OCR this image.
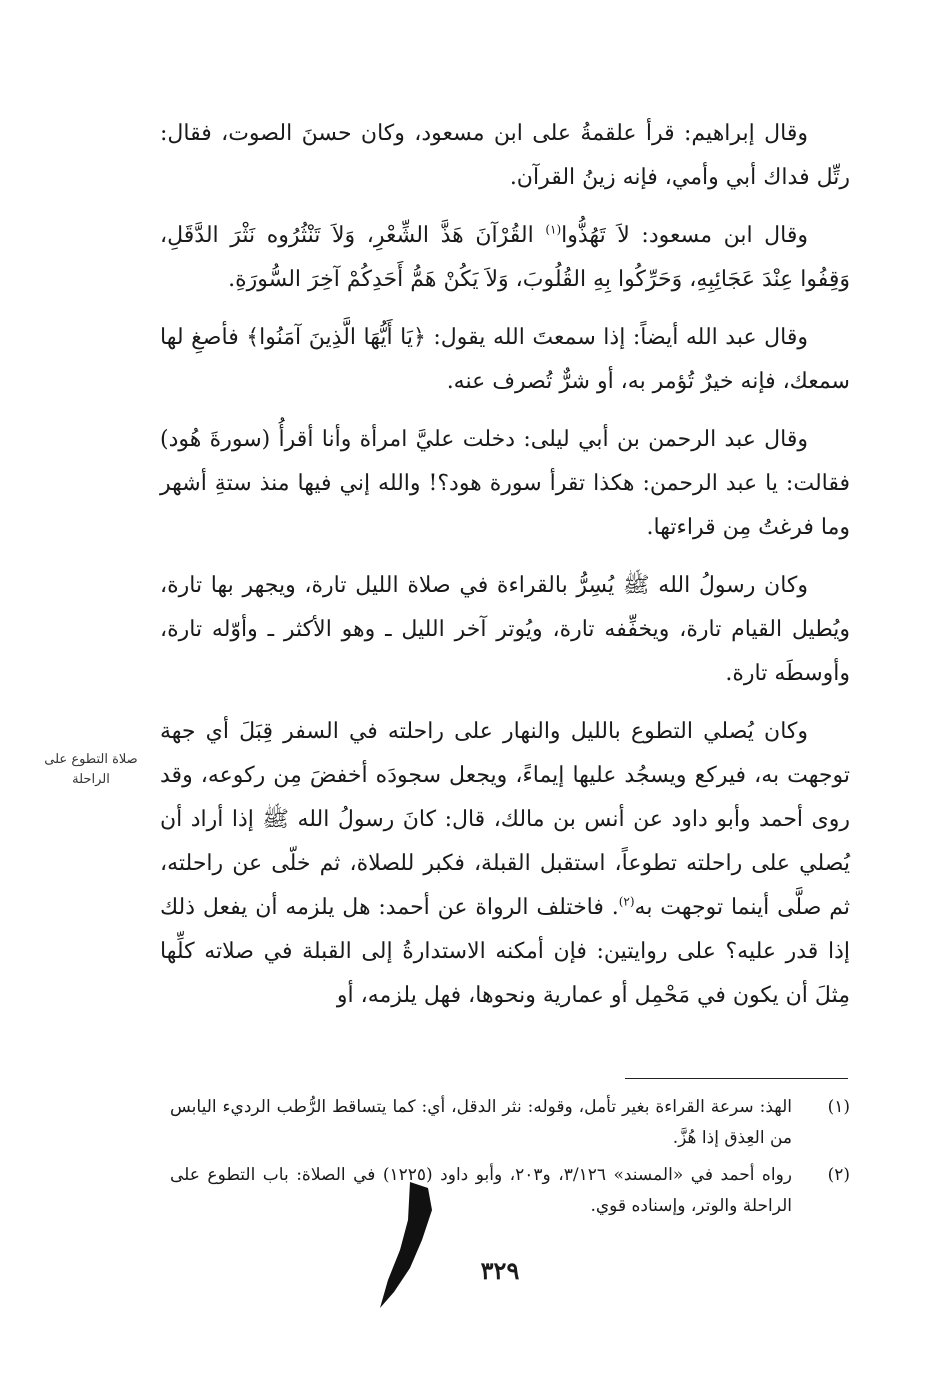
وقال إبراهيم: قرأ علقمةُ على ابن مسعود، وكان حسنَ الصوت، فقال: رتِّل فداك أبي وأمي، فإنه زينُ القرآن.

وقال ابن مسعود: لاَ تَهُذُّوا$^{(١)}$ القُرْآنَ هَذَّ الشِّعْرِ، وَلاَ تَنْثُرُوه نَثْرَ الدَّقَلِ، وَقِفُوا عِنْدَ عَجَائِبِهِ، وَحَرِّكُوا بِهِ القُلُوبَ، وَلاَ يَكُنْ هَمُّ أَحَدِكُمْ آخِرَ السُّورَةِ.

وقال عبد الله أيضاً: إذا سمعتَ الله يقول: ﴿يَا أَيُّهَا الَّذِينَ آمَنُوا﴾ فأصغِ لها سمعك، فإنه خيرٌ تُؤمر به، أو شرٌّ تُصرف عنه.

وقال عبد الرحمن بن أبي ليلى: دخلت عليَّ امرأة وأنا أقرأُ (سورةَ هُود) فقالت: يا عبد الرحمن: هكذا تقرأ سورة هود؟! والله إني فيها منذ ستةِ أشهر وما فرغتُ مِن قراءتها.

وكان رسولُ الله ﷺ يُسِرُّ بالقراءة في صلاة الليل تارة، ويجهر بها تارة، ويُطيل القيام تارة، ويخفِّفه تارة، ويُوتر آخر الليل ـ وهو الأكثر ـ وأوّله تارة، وأوسطَه تارة.

وكان يُصلي التطوع بالليل والنهار على راحلته في السفر قِبَلَ أي جهة توجهت به، فيركع ويسجُد عليها إيماءً، ويجعل سجودَه أخفضَ مِن ركوعه، وقد روى أحمد وأبو داود عن أنس بن مالك، قال: كانَ رسولُ الله ﷺ إذا أراد أن يُصلي على راحلته تطوعاً، استقبل القبلة، فكبر للصلاة، ثم خلّى عن راحلته، ثم صلَّى أينما توجهت به$^{(٢)}$. فاختلف الرواة عن أحمد: هل يلزمه أن يفعل ذلك إذا قدر عليه؟ على روايتين: فإن أمكنه الاستدارةُ إلى القبلة في صلاته كلِّها مِثلَ أن يكون في مَحْمِل أو عمارية ونحوها، فهل يلزمه، أو

صلاة التطوع على الراحلة
(١)
الهذ: سرعة القراءة بغير تأمل، وقوله: نثر الدقل، أي: كما يتساقط الرُّطب الرديء اليابس من العِذق إذا هُزَّ.
(٢)
رواه أحمد في «المسند» ٣/١٢٦، و٢٠٣، وأبو داود (١٢٢٥) في الصلاة: باب التطوع على الراحلة والوتر، وإسناده قوي.
٣٢٩
